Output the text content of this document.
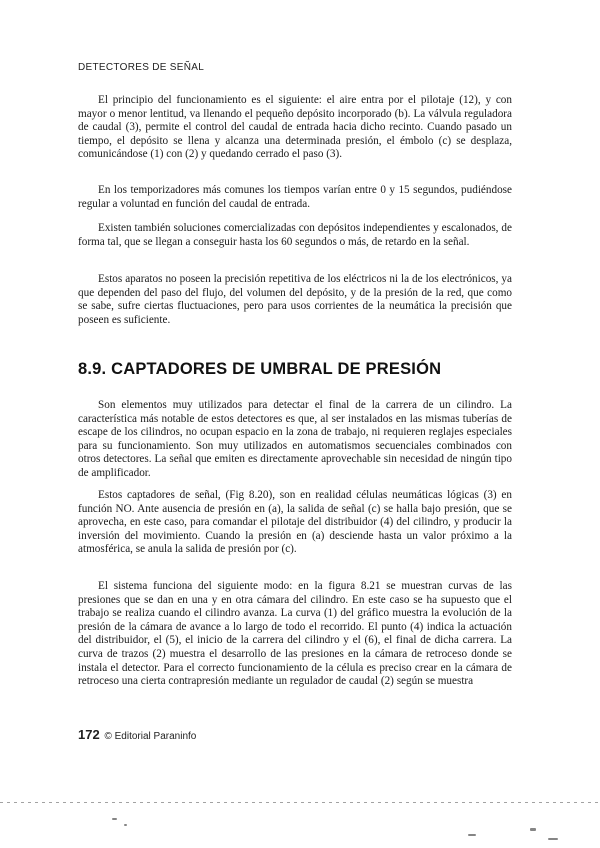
DETECTORES DE SEÑAL

El principio del funcionamiento es el siguiente: el aire entra por el pilotaje (12), y con mayor o menor lentitud, va llenando el pequeño depósito incorporado (b). La válvula reguladora de caudal (3), permite el control del caudal de entrada hacia dicho recinto. Cuando pasado un tiempo, el depósito se llena y alcanza una determinada presión, el émbolo (c) se desplaza, comunicándose (1) con (2) y quedando cerrado el paso (3).

En los temporizadores más comunes los tiempos varían entre 0 y 15 segundos, pudiéndose regular a voluntad en función del caudal de entrada.

Existen también soluciones comercializadas con depósitos independientes y escalonados, de forma tal, que se llegan a conseguir hasta los 60 segundos o más, de retardo en la señal.

Estos aparatos no poseen la precisión repetitiva de los eléctricos ni la de los electrónicos, ya que dependen del paso del flujo, del volumen del depósito, y de la presión de la red, que como se sabe, sufre ciertas fluctuaciones, pero para usos corrientes de la neumática la precisión que poseen es suficiente.

8.9. CAPTADORES DE UMBRAL DE PRESIÓN

Son elementos muy utilizados para detectar el final de la carrera de un cilindro. La característica más notable de estos detectores es que, al ser instalados en las mismas tuberías de escape de los cilindros, no ocupan espacio en la zona de trabajo, ni requieren reglajes especiales para su funcionamiento. Son muy utilizados en automatismos secuenciales combinados con otros detectores. La señal que emiten es directamente aprovechable sin necesidad de ningún tipo de amplificador.

Estos captadores de señal, (Fig 8.20), son en realidad células neumáticas lógicas (3) en función NO. Ante ausencia de presión en (a), la salida de señal (c) se halla bajo presión, que se aprovecha, en este caso, para comandar el pilotaje del distribuidor (4) del cilindro, y producir la inversión del movimiento. Cuando la presión en (a) desciende hasta un valor próximo a la atmosférica, se anula la salida de presión por (c).

El sistema funciona del siguiente modo: en la figura 8.21 se muestran curvas de las presiones que se dan en una y en otra cámara del cilindro. En este caso se ha supuesto que el trabajo se realiza cuando el cilindro avanza. La curva (1) del gráfico muestra la evolución de la presión de la cámara de avance a lo largo de todo el recorrido. El punto (4) indica la actuación del distribuidor, el (5), el inicio de la carrera del cilindro y el (6), el final de dicha carrera. La curva de trazos (2) muestra el desarrollo de las presiones en la cámara de retroceso donde se instala el detector. Para el correcto funcionamiento de la célula es preciso crear en la cámara de retroceso una cierta contrapresión mediante un regulador de caudal (2) según se muestra

172 © Editorial Paraninfo
